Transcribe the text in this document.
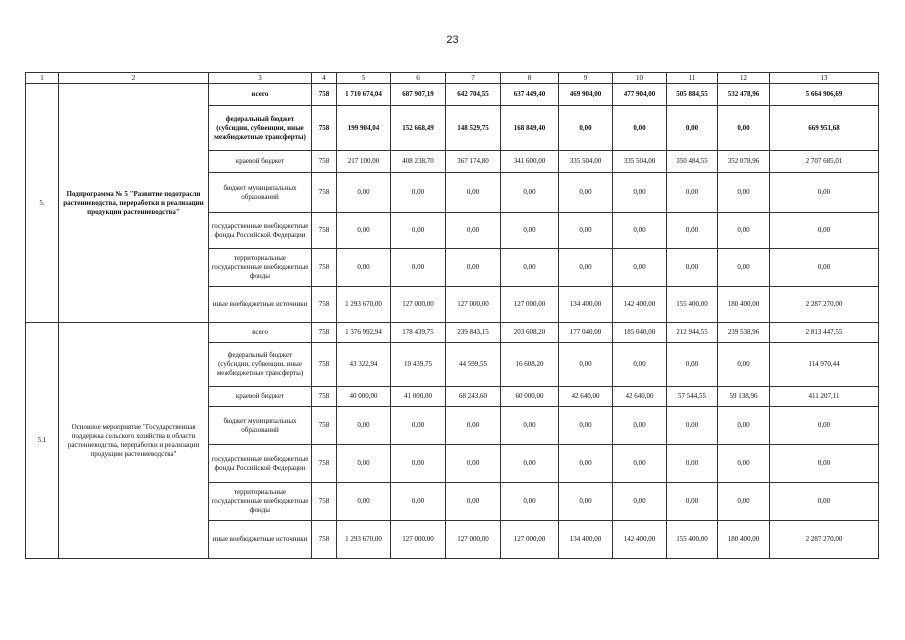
23
1	2	3	4	5	6	7	8	9	10	11	12	13
5.	Подпрограмма № 5 "Развитие подотрасли растениеводства, переработки и реализации продукции растениеводства"	всего	758	1 710 674,04	687 907,19	642 704,55	637 449,40	469 904,00	477 904,00	505 884,55	532 478,96	5 664 906,69
		федеральный бюджет (субсидии, субвенции, иные межбюджетные трансферты)	758	199 904,04	152 668,49	148 529,75	168 849,40	0,00	0,00	0,00	0,00	669 951,68
		краевой бюджет	758	217 100,00	408 238,70	367 174,80	341 600,00	335 504,00	335 504,00	350 484,55	352 078,96	2 707 685,01
		бюджет муниципальных образований	758	0,00	0,00	0,00	0,00	0,00	0,00	0,00	0,00	0,00
		государственные внебюджетные фонды Российской Федерации	758	0,00	0,00	0,00	0,00	0,00	0,00	0,00	0,00	0,00
		территориальные государственные внебюджетные фонды	758	0,00	0,00	0,00	0,00	0,00	0,00	0,00	0,00	0,00
		иные внебюджетные источники	758	1 293 670,00	127 000,00	127 000,00	127 000,00	134 400,00	142 400,00	155 400,00	180 400,00	2 287 270,00
5.1	Основное мероприятие "Государственная поддержка сельского хозяйства в области растениеводства, переработки и реализации продукции растениеводства"	всего	758	1 376 992,94	178 439,75	239 843,15	203 608,20	177 040,00	185 040,00	212 944,55	239 538,96	2 813 447,55
		федеральный бюджет (субсидии, субвенции, иные межбюджетные трансферты)	758	43 322,94	10 439,75	44 599,55	16 608,20	0,00	0,00	0,00	0,00	114 970,44
		краевой бюджет	758	40 000,00	41 000,00	68 243,60	60 000,00	42 640,00	42 640,00	57 544,55	59 138,96	411 207,11
		бюджет муниципальных образований	758	0,00	0,00	0,00	0,00	0,00	0,00	0,00	0,00	0,00
		государственные внебюджетные фонды Российской Федерации	758	0,00	0,00	0,00	0,00	0,00	0,00	0,00	0,00	0,00
		территориальные государственные внебюджетные фонды	758	0,00	0,00	0,00	0,00	0,00	0,00	0,00	0,00	0,00
		иные внебюджетные источники	758	1 293 670,00	127 000,00	127 000,00	127 000,00	134 400,00	142 400,00	155 400,00	180 400,00	2 287 270,00
